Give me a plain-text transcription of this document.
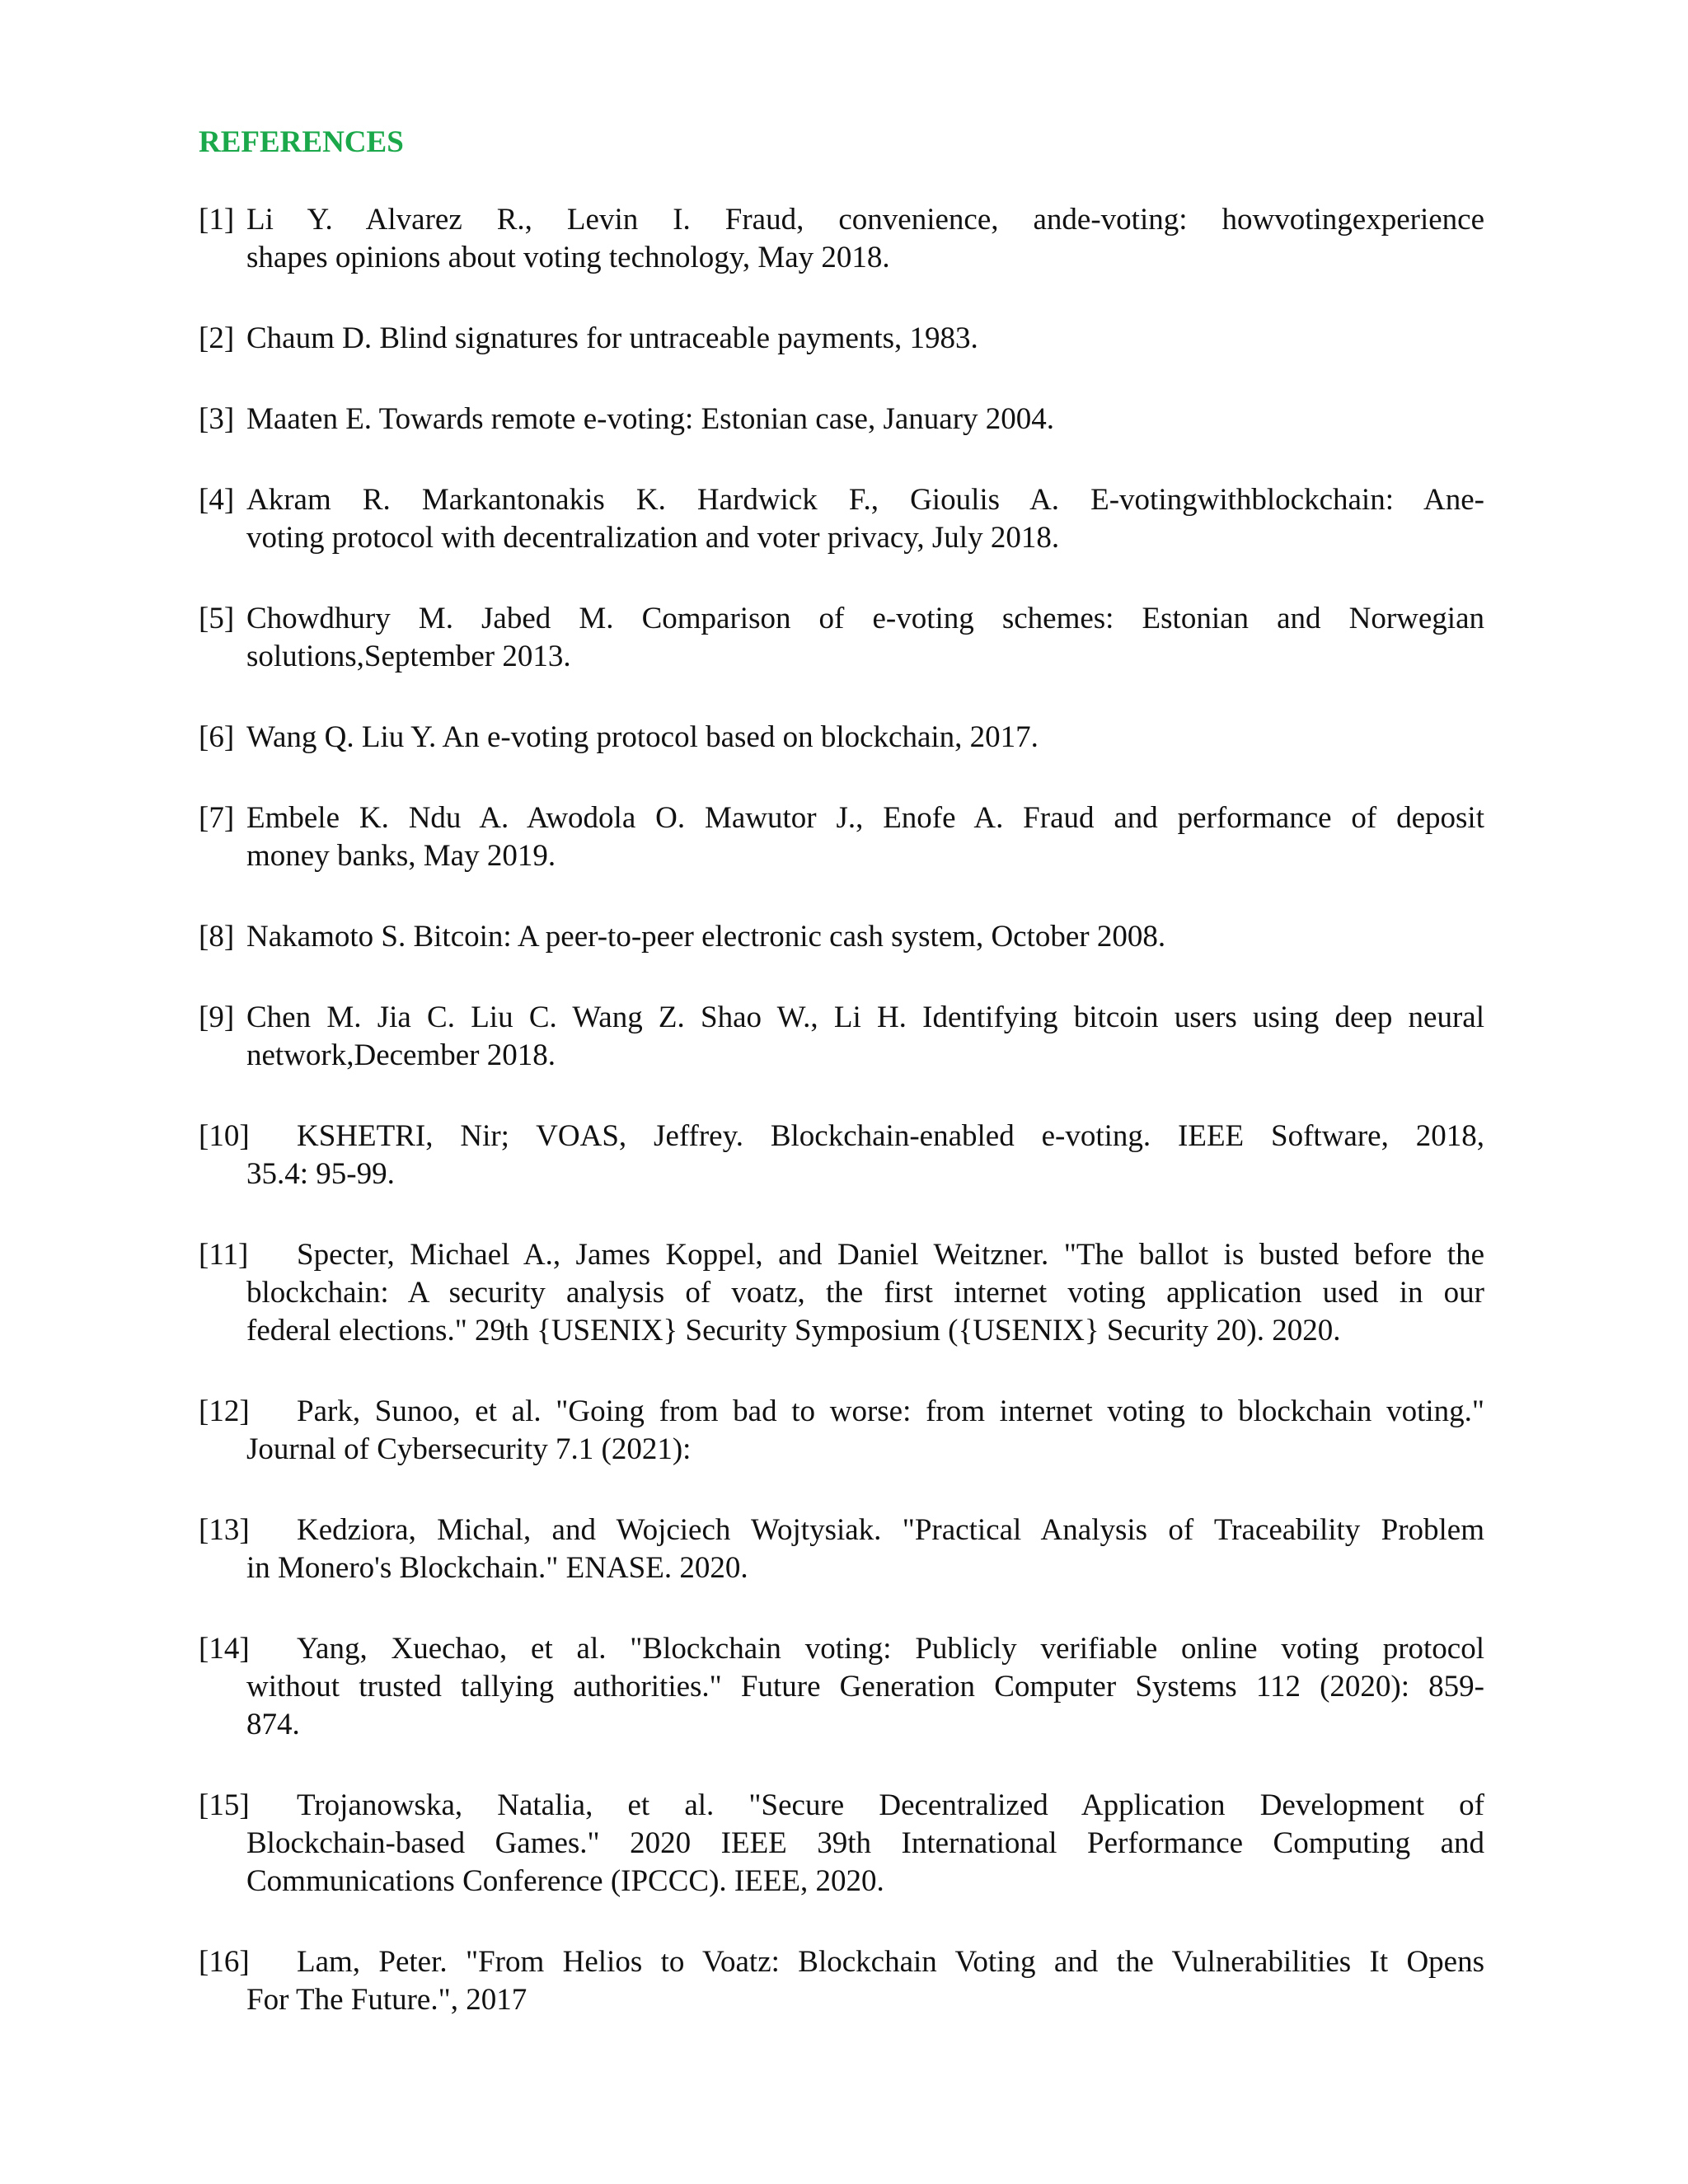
REFERENCES
[1] Li Y. Alvarez R., Levin I. Fraud, convenience, ande-voting: howvotingexperience
shapes opinions about voting technology, May 2018.
[2] Chaum D. Blind signatures for untraceable payments, 1983.
[3] Maaten E. Towards remote e-voting: Estonian case, January 2004.
[4] Akram R. Markantonakis K. Hardwick F., Gioulis A. E-votingwithblockchain: Ane-
voting protocol with decentralization and voter privacy, July 2018.
[5] Chowdhury M. Jabed M. Comparison of e-voting schemes: Estonian and Norwegian
solutions,September 2013.
[6] Wang Q. Liu Y. An e-voting protocol based on blockchain, 2017.
[7] Embele K. Ndu A. Awodola O. Mawutor J., Enofe A. Fraud and performance of deposit
money banks, May 2019.
[8] Nakamoto S. Bitcoin: A peer-to-peer electronic cash system, October 2008.
[9] Chen M. Jia C. Liu C. Wang Z. Shao W., Li H. Identifying bitcoin users using deep neural
network,December 2018.
[10] KSHETRI, Nir; VOAS, Jeffrey. Blockchain-enabled e-voting. IEEE Software, 2018,
35.4: 95-99.
[11] Specter, Michael A., James Koppel, and Daniel Weitzner. "The ballot is busted before the
blockchain: A security analysis of voatz, the first internet voting application used in our
federal elections." 29th {USENIX} Security Symposium ({USENIX} Security 20). 2020.
[12] Park, Sunoo, et al. "Going from bad to worse: from internet voting to blockchain voting."
Journal of Cybersecurity 7.1 (2021):
[13] Kedziora, Michal, and Wojciech Wojtysiak. "Practical Analysis of Traceability Problem
in Monero's Blockchain." ENASE. 2020.
[14] Yang, Xuechao, et al. "Blockchain voting: Publicly verifiable online voting protocol
without trusted tallying authorities." Future Generation Computer Systems 112 (2020): 859-
874.
[15] Trojanowska, Natalia, et al. "Secure Decentralized Application Development of
Blockchain-based Games." 2020 IEEE 39th International Performance Computing and
Communications Conference (IPCCC). IEEE, 2020.
[16] Lam, Peter. "From Helios to Voatz: Blockchain Voting and the Vulnerabilities It Opens
For The Future.", 2017
